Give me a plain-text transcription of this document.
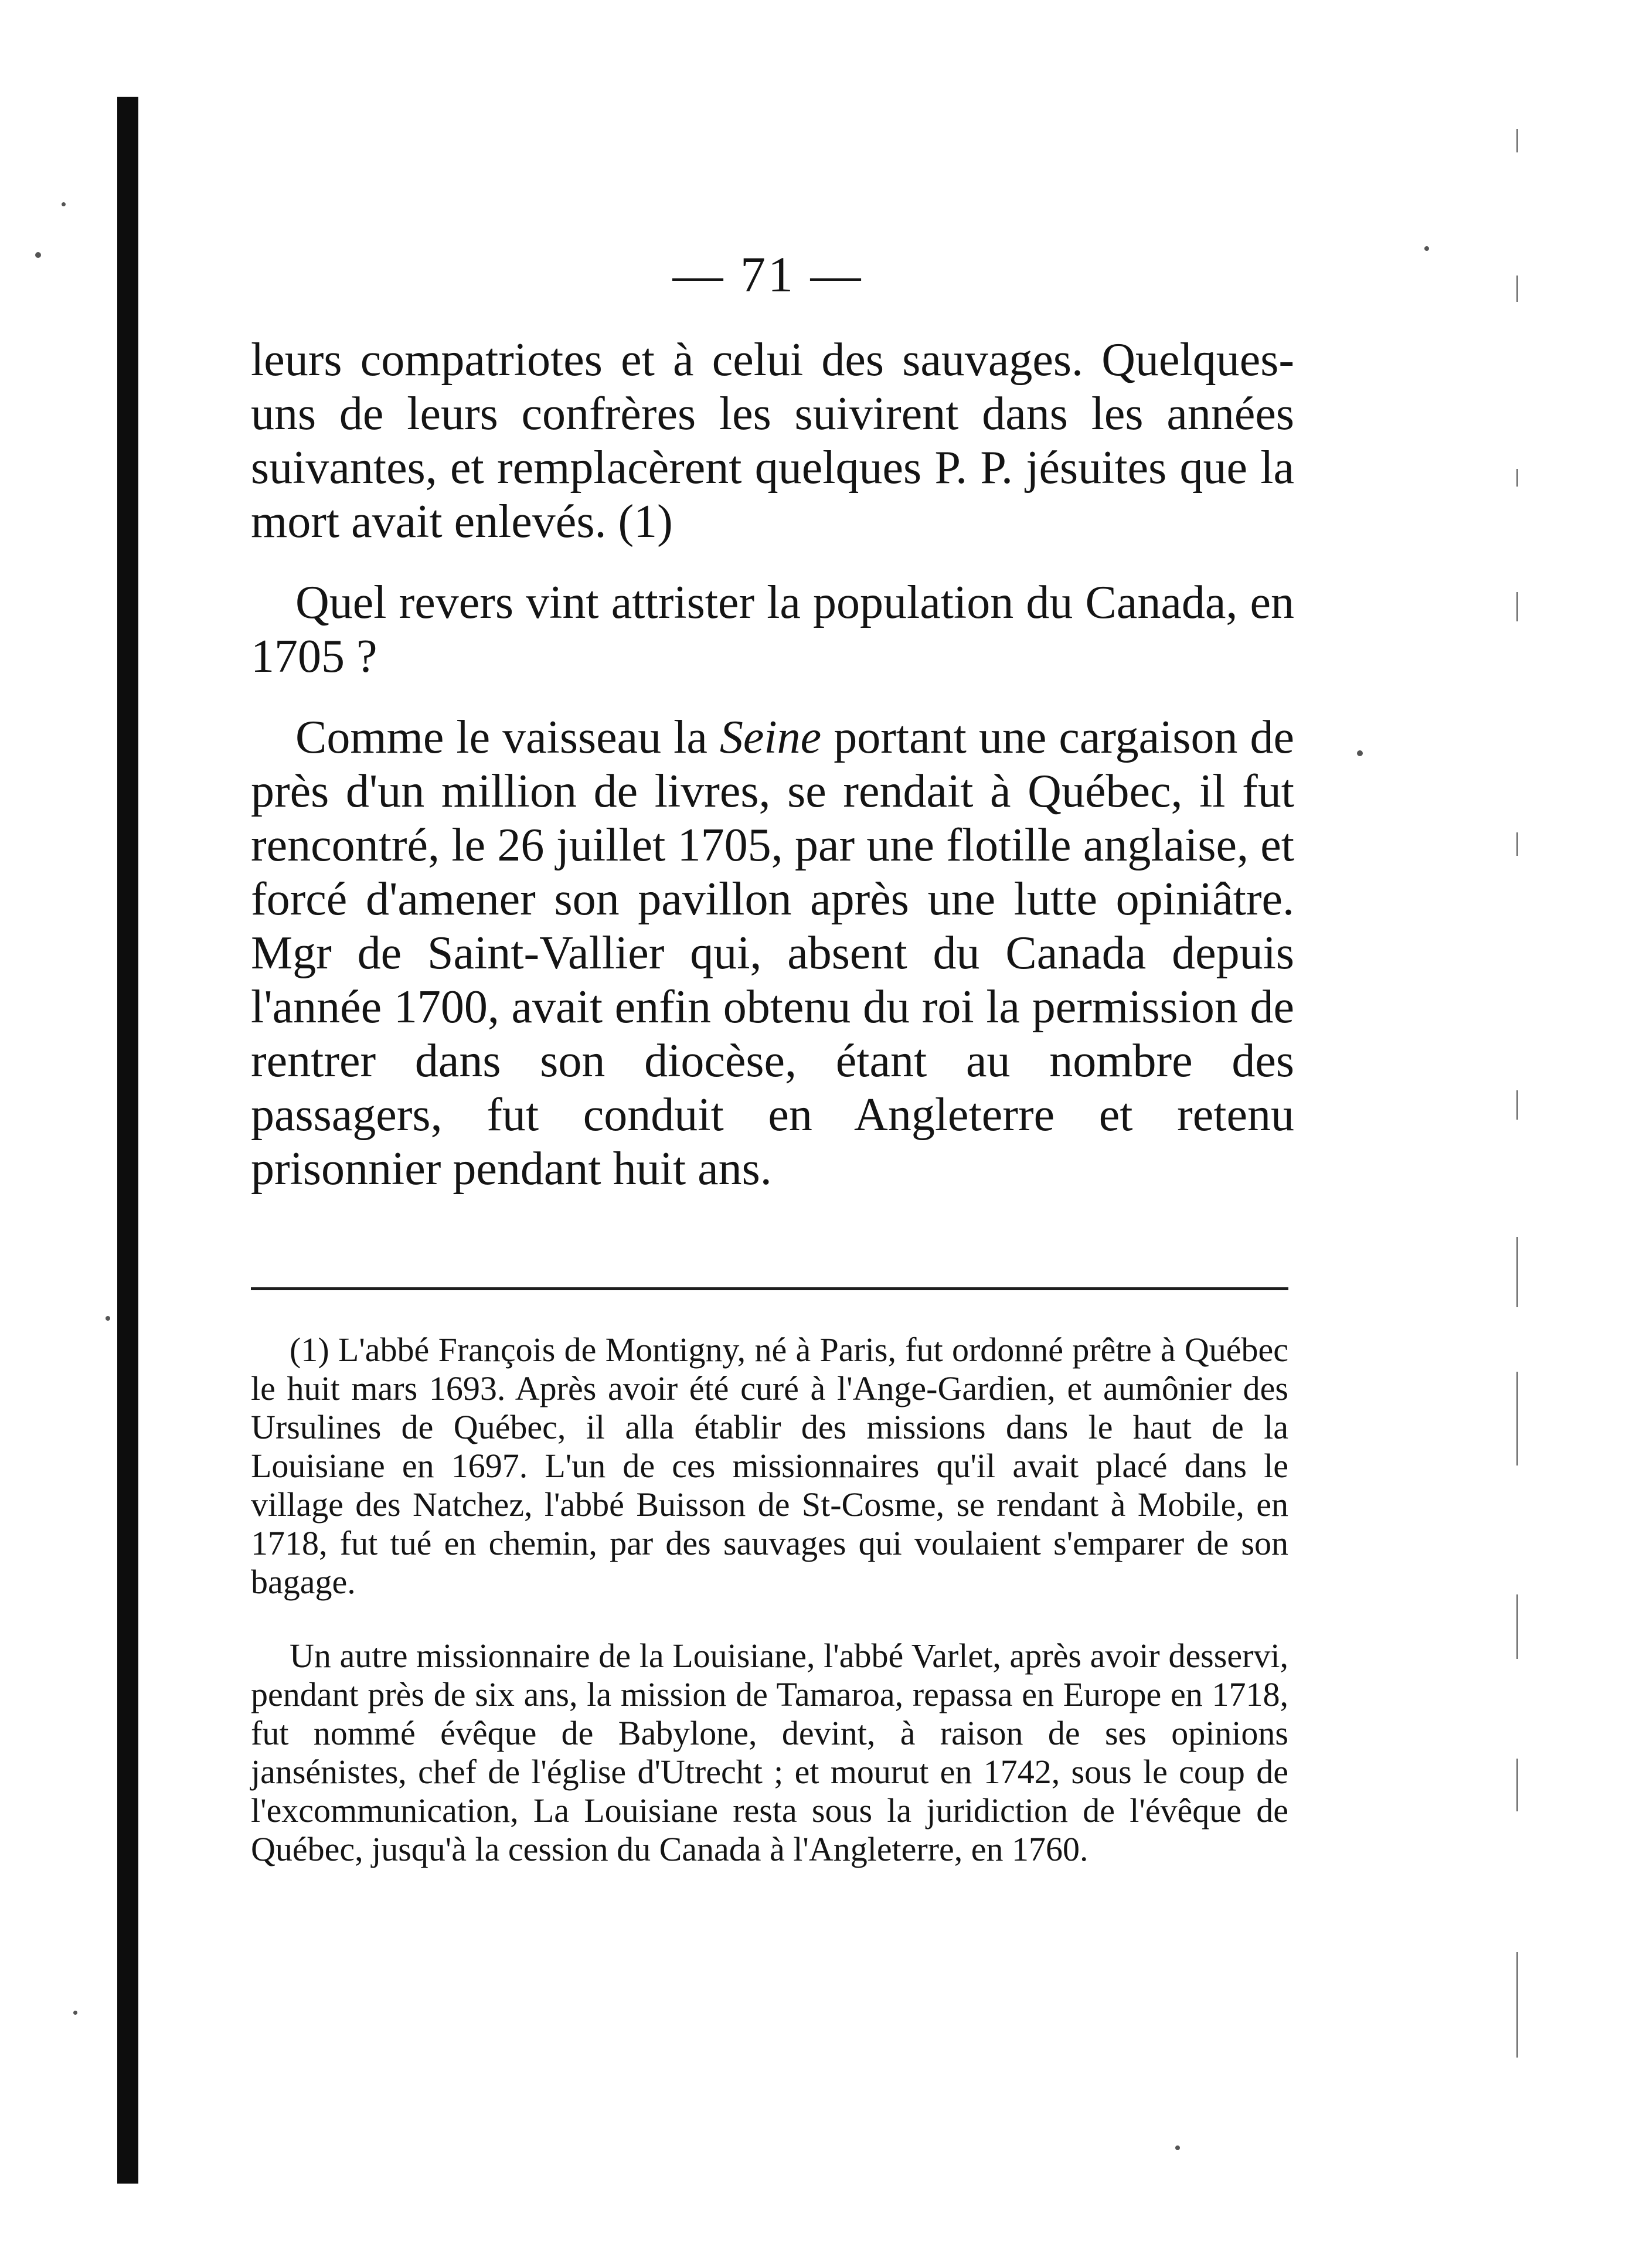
— 71 —

leurs compatriotes et à celui des sauvages. Quelques-uns de leurs confrères les suivirent dans les années suivantes, et remplacèrent quelques P. P. jésuites que la mort avait enlevés. (1)

Quel revers vint attrister la population du Canada, en 1705 ?

Comme le vaisseau la Seine portant une cargaison de près d'un million de livres, se rendait à Québec, il fut rencontré, le 26 juillet 1705, par une flotille anglaise, et forcé d'amener son pavillon après une lutte opiniâtre. Mgr de Saint-Vallier qui, absent du Canada depuis l'année 1700, avait enfin obtenu du roi la permission de rentrer dans son diocèse, étant au nombre des passagers, fut conduit en Angleterre et retenu prisonnier pendant huit ans.

(1) L'abbé François de Montigny, né à Paris, fut ordonné prêtre à Québec le huit mars 1693. Après avoir été curé à l'Ange-Gardien, et aumônier des Ursulines de Québec, il alla établir des missions dans le haut de la Louisiane en 1697. L'un de ces missionnaires qu'il avait placé dans le village des Natchez, l'abbé Buisson de St-Cosme, se rendant à Mobile, en 1718, fut tué en chemin, par des sauvages qui voulaient s'emparer de son bagage.

Un autre missionnaire de la Louisiane, l'abbé Varlet, après avoir desservi, pendant près de six ans, la mission de Tamaroa, repassa en Europe en 1718, fut nommé évêque de Babylone, devint, à raison de ses opinions jansénistes, chef de l'église d'Utrecht ; et mourut en 1742, sous le coup de l'excommunication, La Louisiane resta sous la juridiction de l'évêque de Québec, jusqu'à la cession du Canada à l'Angleterre, en 1760.
